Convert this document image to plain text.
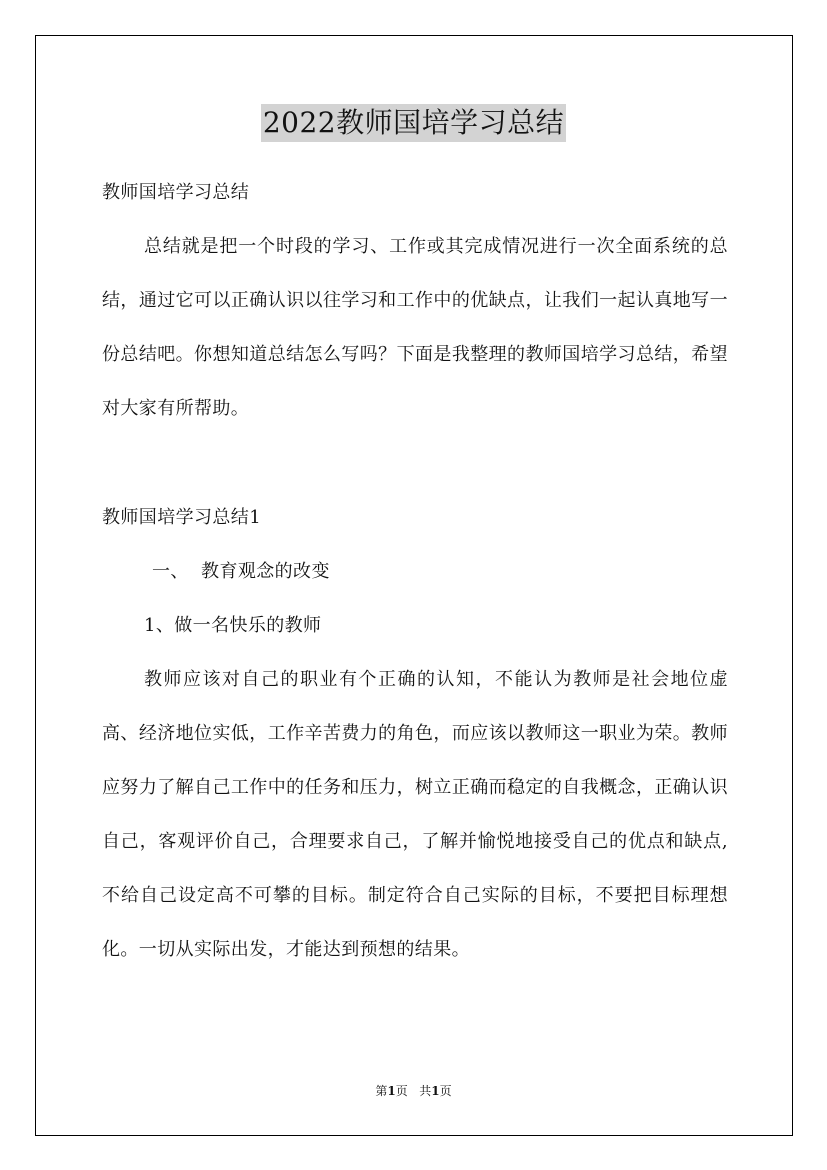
2022教师国培学习总结

教师国培学习总结

总结就是把一个时段的学习、工作或其完成情况进行一次全面系统的总结，通过它可以正确认识以往学习和工作中的优缺点，让我们一起认真地写一份总结吧。你想知道总结怎么写吗？下面是我整理的教师国培学习总结，希望对大家有所帮助。

教师国培学习总结1

一、  教育观念的改变

1、做一名快乐的教师

教师应该对自己的职业有个正确的认知，不能认为教师是社会地位虚高、经济地位实低，工作辛苦费力的角色，而应该以教师这一职业为荣。教师应努力了解自己工作中的任务和压力，树立正确而稳定的自我概念，正确认识自己，客观评价自己，合理要求自己，了解并愉悦地接受自己的优点和缺点,不给自己设定高不可攀的目标。制定符合自己实际的目标，不要把目标理想化。一切从实际出发，才能达到预想的结果。

第1页 共1页
